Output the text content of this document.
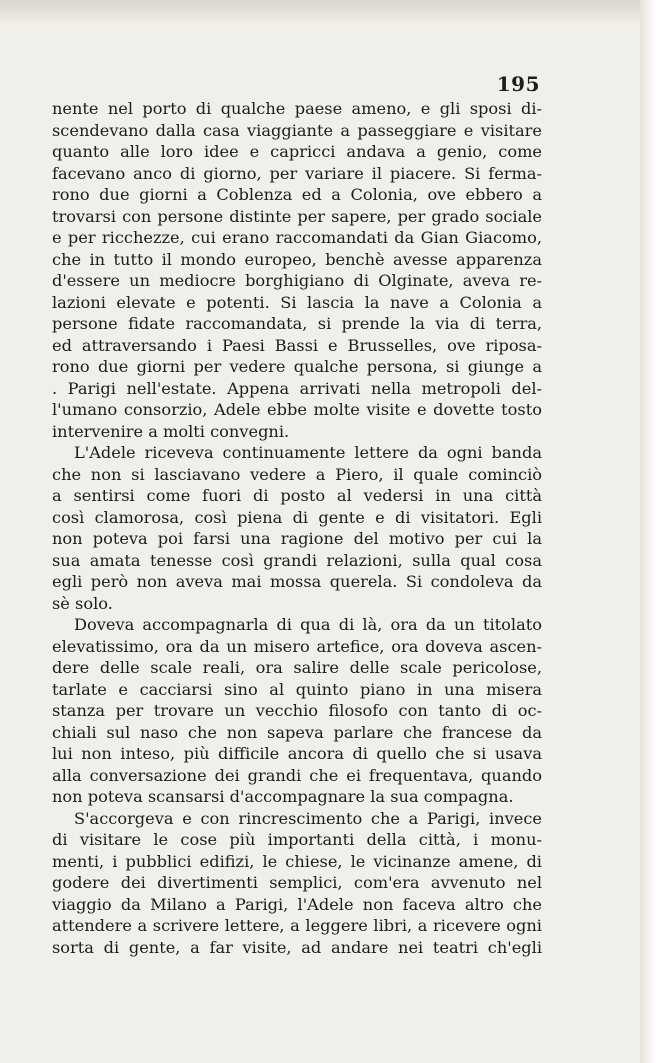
195
nente nel porto di qualche paese ameno, e gli sposi di-
scendevano dalla casa viaggiante a passeggiare e visitare
quanto alle loro idee e capricci andava a genio, come
facevano anco di giorno, per variare il piacere. Si ferma-
rono due giorni a Coblenza ed a Colonia, ove ebbero a
trovarsi con persone distinte per sapere, per grado sociale
e per ricchezze, cui erano raccomandati da Gian Giacomo,
che in tutto il mondo europeo, benchè avesse apparenza
d'essere un mediocre borghigiano di Olginate, aveva re-
lazioni elevate e potenti. Si lascia la nave a Colonia a
persone fidate raccomandata, si prende la via di terra,
ed attraversando i Paesi Bassi e Brusselles, ove riposa-
rono due giorni per vedere qualche persona, si giunge a
. Parigi nell'estate. Appena arrivati nella metropoli del-
l'umano consorzio, Adele ebbe molte visite e dovette tosto
intervenire a molti convegni.
L'Adele riceveva continuamente lettere da ogni banda
che non si lasciavano vedere a Piero, il quale cominciò
a sentirsi come fuori di posto al vedersi in una città
così clamorosa, così piena di gente e di visitatori. Egli
non poteva poi farsi una ragione del motivo per cui la
sua amata tenesse così grandi relazioni, sulla qual cosa
egli però non aveva mai mossa querela. Si condoleva da
sè solo.
Doveva accompagnarla di qua di là, ora da un titolato
elevatissimo, ora da un misero artefice, ora doveva ascen-
dere delle scale reali, ora salire delle scale pericolose,
tarlate e cacciarsi sino al quinto piano in una misera
stanza per trovare un vecchio filosofo con tanto di oc-
chiali sul naso che non sapeva parlare che francese da
lui non inteso, più difficile ancora di quello che si usava
alla conversazione dei grandi che ei frequentava, quando
non poteva scansarsi d'accompagnare la sua compagna.
S'accorgeva e con rincrescimento che a Parigi, invece
di visitare le cose più importanti della città, i monu-
menti, i pubblici edifizi, le chiese, le vicinanze amene, di
godere dei divertimenti semplici, com'era avvenuto nel
viaggio da Milano a Parigi, l'Adele non faceva altro che
attendere a scrivere lettere, a leggere libri, a ricevere ogni
sorta di gente, a far visite, ad andare nei teatri ch'egli
